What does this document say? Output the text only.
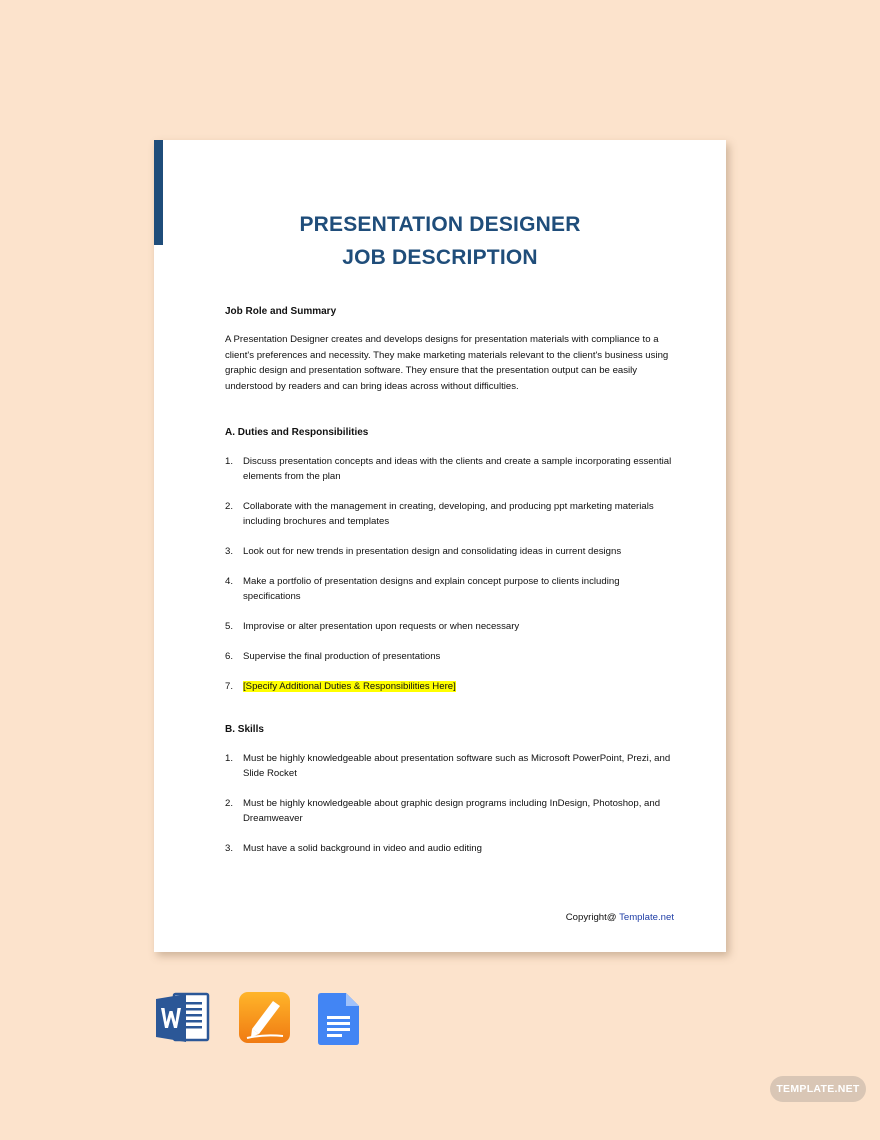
PRESENTATION DESIGNER
JOB DESCRIPTION
Job Role and Summary
A Presentation Designer creates and develops designs for presentation materials with compliance to a client's preferences and necessity. They make marketing materials relevant to the client's business using graphic design and presentation software. They ensure that the presentation output can be easily understood by readers and can bring ideas across without difficulties.
A. Duties and Responsibilities
1. Discuss presentation concepts and ideas with the clients and create a sample incorporating essential elements from the plan
2. Collaborate with the management in creating, developing, and producing ppt marketing materials including brochures and templates
3. Look out for new trends in presentation design and consolidating ideas in current designs
4. Make a portfolio of presentation designs and explain concept purpose to clients including specifications
5. Improvise or alter presentation upon requests or when necessary
6. Supervise the final production of presentations
7. [Specify Additional Duties & Responsibilities Here]
B. Skills
1. Must be highly knowledgeable about presentation software such as Microsoft PowerPoint, Prezi, and Slide Rocket
2. Must be highly knowledgeable about graphic design programs including InDesign, Photoshop, and Dreamweaver
3. Must have a solid background in video and audio editing
Copyright@ Template.net
TEMPLATE.NET
